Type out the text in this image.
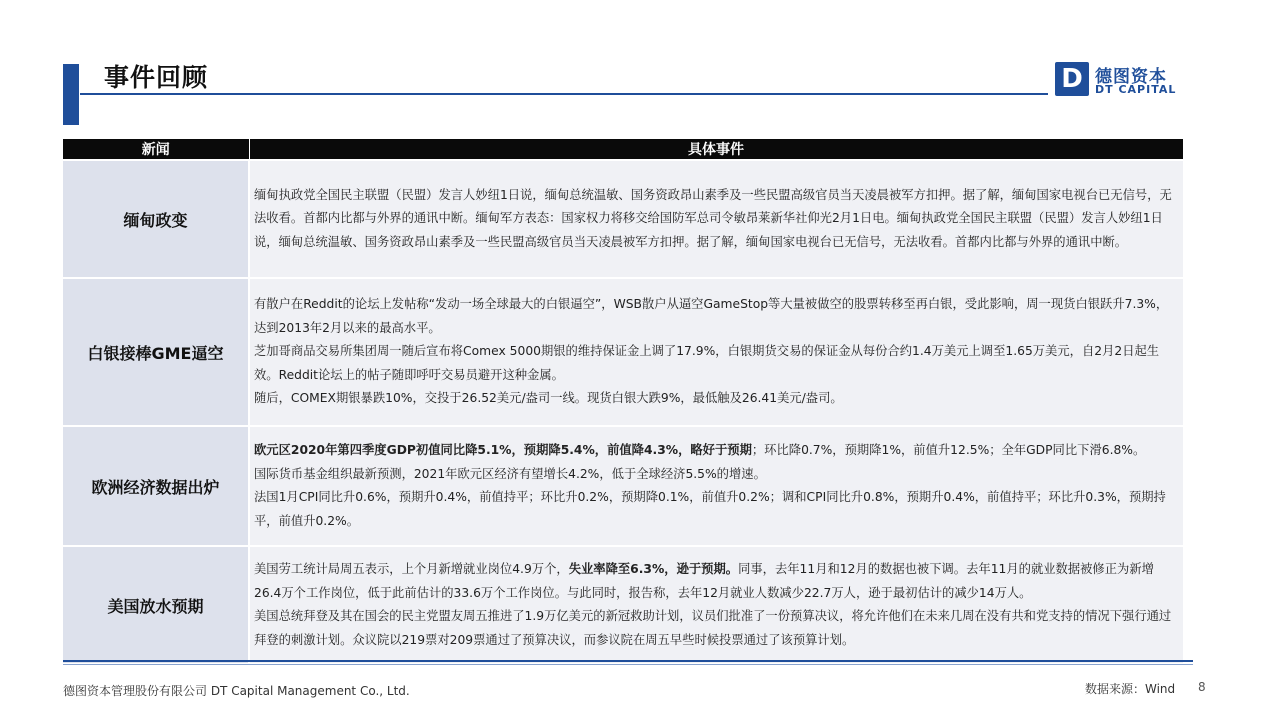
事件回顾	D 德图资本
DT CAPITAL
新闻	具体事件
缅甸政变	缅甸执政党全国民主联盟（民盟）发言人妙纽1日说，缅甸总统温敏、国务资政昂山素季及一些民盟高级官员当天凌晨被军方扣押。据了解，缅甸国家电视台已无信号，无法收看。首都内比都与外界的通讯中断。缅甸军方表态：国家权力将移交给国防军总司令敏昂莱新华社仰光2月1日电。缅甸执政党全国民主联盟（民盟）发言人妙纽1日说，缅甸总统温敏、国务资政昂山素季及一些民盟高级官员当天凌晨被军方扣押。据了解，缅甸国家电视台已无信号，无法收看。首都内比都与外界的通讯中断。

白银接棒GME逼空	有散户在Reddit的论坛上发帖称“发动一场全球最大的白银逼空”，WSB散户从逼空GameStop等大量被做空的股票转移至再白银，受此影响，周一现货白银跃升7.3%，达到2013年2月以来的最高水平。

芝加哥商品交易所集团周一随后宣布将Comex 5000期银的维持保证金上调了17.9%，白银期货交易的保证金从每份合约1.4万美元上调至1.65万美元，自2月2日起生效。Reddit论坛上的帖子随即呼吁交易员避开这种金属。

随后，COMEX期银暴跌10%，交投于26.52美元/盎司一线。现货白银大跌9%，最低触及26.41美元/盎司。

欧洲经济数据出炉	欧元区2020年第四季度GDP初值同比降5.1%，预期降5.4%，前值降4.3%，略好于预期；环比降0.7%，预期降1%，前值升12.5%；全年GDP同比下滑6.8%。

国际货币基金组织最新预测，2021年欧元区经济有望增长4.2%，低于全球经济5.5%的增速。

法国1月CPI同比升0.6%，预期升0.4%，前值持平；环比升0.2%，预期降0.1%，前值升0.2%；调和CPI同比升0.8%，预期升0.4%，前值持平；环比升0.3%，预期持平，前值升0.2%。

美国放水预期	美国劳工统计局周五表示，上个月新增就业岗位4.9万个，失业率降至6.3%，逊于预期。同事，去年11月和12月的数据也被下调。去年11月的就业数据被修正为新增26.4万个工作岗位，低于此前估计的33.6万个工作岗位。与此同时，报告称，去年12月就业人数减少22.7万人，逊于最初估计的减少14万人。

美国总统拜登及其在国会的民主党盟友周五推进了1.9万亿美元的新冠救助计划，议员们批准了一份预算决议，将允许他们在未来几周在没有共和党支持的情况下强行通过拜登的刺激计划。众议院以219票对209票通过了预算决议，而参议院在周五早些时候投票通过了该预算计划。

德图资本管理股份有限公司 DT Capital Management Co., Ltd.	数据来源：Wind 8
